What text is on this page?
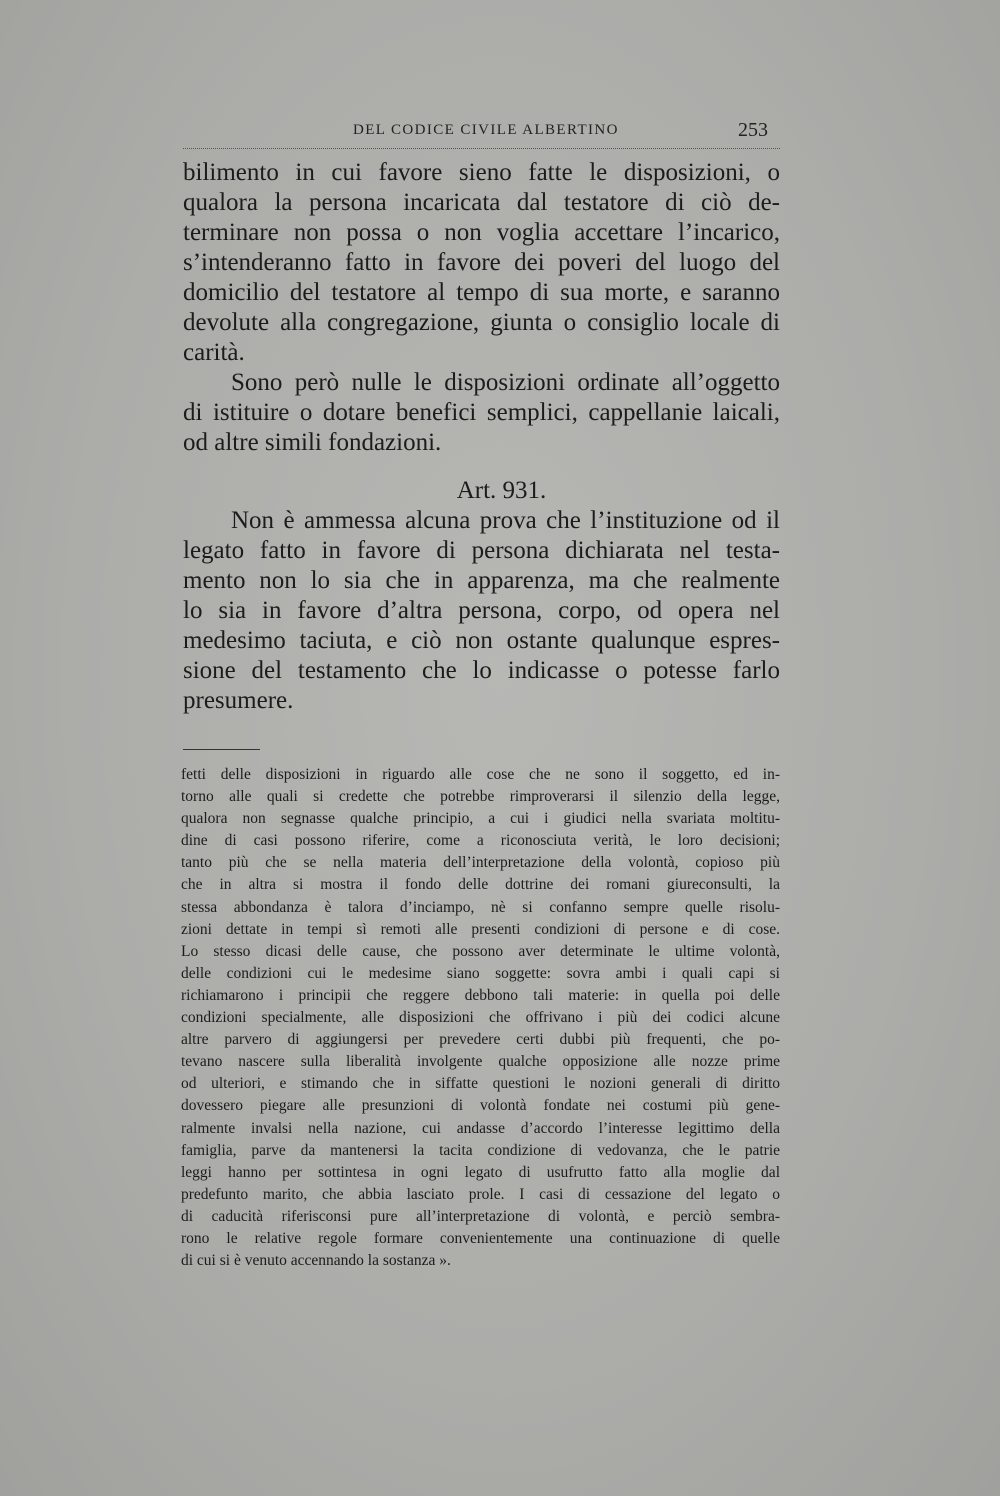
DEL CODICE CIVILE ALBERTINO	253
bilimento in cui favore sieno fatte le disposizioni, o
qualora la persona incaricata dal testatore di ciò de-
terminare non possa o non voglia accettare l’incarico,
s’intenderanno fatto in favore dei poveri del luogo del
domicilio del testatore al tempo di sua morte, e saranno
devolute alla congregazione, giunta o consiglio locale di
carità.
Sono però nulle le disposizioni ordinate all’oggetto
di istituire o dotare benefici semplici, cappellanie laicali,
od altre simili fondazioni.
Art. 931.
Non è ammessa alcuna prova che l’instituzione od il
legato fatto in favore di persona dichiarata nel testa-
mento non lo sia che in apparenza, ma che realmente
lo sia in favore d’altra persona, corpo, od opera nel
medesimo taciuta, e ciò non ostante qualunque espres-
sione del testamento che lo indicasse o potesse farlo
presumere.
fetti delle disposizioni in riguardo alle cose che ne sono il soggetto, ed in-
torno alle quali si credette che potrebbe rimproverarsi il silenzio della legge,
qualora non segnasse qualche principio, a cui i giudici nella svariata moltitu-
dine di casi possono riferire, come a riconosciuta verità, le loro decisioni;
tanto più che se nella materia dell’interpretazione della volontà, copioso più
che in altra si mostra il fondo delle dottrine dei romani giureconsulti, la
stessa abbondanza è talora d’inciampo, nè si confanno sempre quelle risolu-
zioni dettate in tempi sì remoti alle presenti condizioni di persone e di cose.
Lo stesso dicasi delle cause, che possono aver determinate le ultime volontà,
delle condizioni cui le medesime siano soggette: sovra ambi i quali capi si
richiamarono i principii che reggere debbono tali materie: in quella poi delle
condizioni specialmente, alle disposizioni che offrivano i più dei codici alcune
altre parvero di aggiungersi per prevedere certi dubbi più frequenti, che po-
tevano nascere sulla liberalità involgente qualche opposizione alle nozze prime
od ulteriori, e stimando che in siffatte questioni le nozioni generali di diritto
dovessero piegare alle presunzioni di volontà fondate nei costumi più gene-
ralmente invalsi nella nazione, cui andasse d’accordo l’interesse legittimo della
famiglia, parve da mantenersi la tacita condizione di vedovanza, che le patrie
leggi hanno per sottintesa in ogni legato di usufrutto fatto alla moglie dal
predefunto marito, che abbia lasciato prole. I casi di cessazione del legato o
di caducità riferisconsi pure all’interpretazione di volontà, e perciò sembra-
rono le relative regole formare convenientemente una continuazione di quelle
di cui si è venuto accennando la sostanza ».
